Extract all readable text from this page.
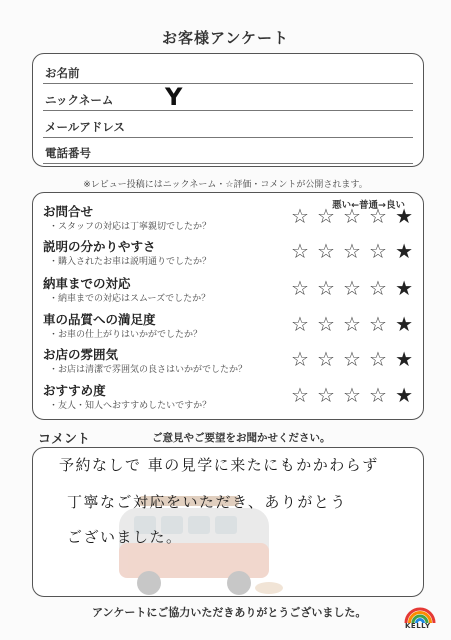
お客様アンケート
お名前
ニックネーム Y
メールアドレス
電話番号
※レビュー投稿にはニックネーム・☆評価・コメントが公開されます。
悪い←普通→良い
お問合せ
・スタッフの対応は丁寧親切でしたか？	☆ ☆ ☆ ☆ ★
説明の分かりやすさ
・購入されたお車は説明通りでしたか？	☆ ☆ ☆ ☆ ★
納車までの対応
・納車までの対応はスムーズでしたか？	☆ ☆ ☆ ☆ ★
車の品質への満足度
・お車の仕上がりはいかがでしたか？	☆ ☆ ☆ ☆ ★
お店の雰囲気
・お店は清潔で雰囲気の良さはいかがでしたか？ ☆ ☆ ☆ ☆ ★
おすすめ度
・友人・知人へおすすめしたいですか？	☆ ☆ ☆ ☆ ★
コメント	ご意見やご要望をお聞かせください。
予約なしで 車の見学に来たにもかかわらず
丁寧なご対応をいただき、ありがとう
ございました。
アンケートにご協力いただきありがとうございました。
KELLY
